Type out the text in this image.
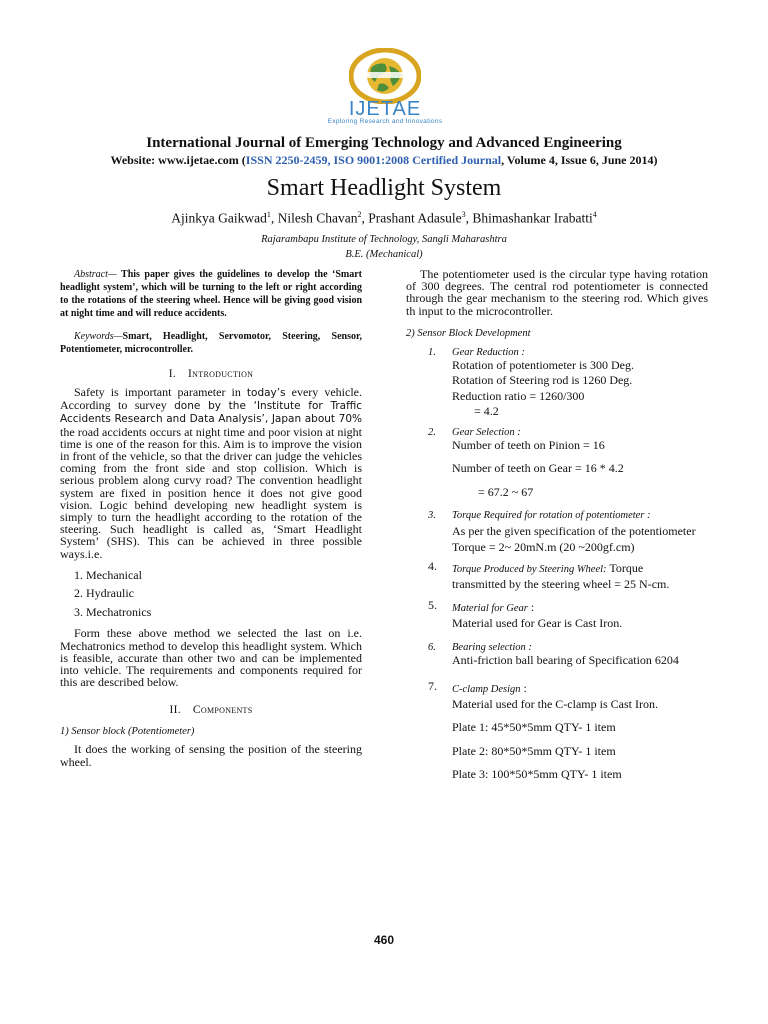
IJETAE
Exploring Research and Innovations
International Journal of Emerging Technology and Advanced Engineering
Website: www.ijetae.com (ISSN 2250-2459, ISO 9001:2008 Certified Journal, Volume 4, Issue 6, June 2014)
Smart Headlight System
Ajinkya Gaikwad$^1$, Nilesh Chavan$^2$, Prashant Adasule$^3$, Bhimashankar Irabatti$^4$
Rajarambapu Institute of Technology, Sangli Maharashtra
B.E. (Mechanical)

Abstract— This paper gives the guidelines to develop the ‘Smart headlight system’, which will be turning to the left or right according to the rotations of the steering wheel. Hence will be giving good vision at night time and will reduce accidents.

Keywords—Smart, Headlight, Servomotor, Steering, Sensor, Potentiometer, microcontroller.

I. Introduction

Safety is important parameter in today’s every vehicle. According to survey done by the ‘Institute for Traffic Accidents Research and Data Analysis’, Japan about 70% the road accidents occurs at night time and poor vision at night time is one of the reason for this. Aim is to improve the vision in front of the vehicle, so that the driver can judge the vehicles coming from the front side and stop collision. Which is serious problem along curvy road? The convention headlight system are fixed in position hence it does not give good vision. Logic behind developing new headlight system is simply to turn the headlight according to the rotation of the steering. Such headlight is called as, ‘Smart Headlight System’ (SHS). This can be achieved in three possible ways.i.e.

1. Mechanical
2. Hydraulic
3. Mechatronics

Form these above method we selected the last on i.e. Mechatronics method to develop this headlight system. Which is feasible, accurate than other two and can be implemented into vehicle. The requirements and components required for this are described below.

II. Components
1) Sensor block (Potentiometer)

It does the working of sensing the position of the steering wheel.

The potentiometer used is the circular type having rotation of 300 degrees. The central rod potentiometer is connected through the gear mechanism to the steering rod. Which gives th input to the microcontroller.

2) Sensor Block Development
1. Gear Reduction :
Rotation of potentiometer is 300 Deg.
Rotation of Steering rod is 1260 Deg.
Reduction ratio = 1260/300
= 4.2
2. Gear Selection :
Number of teeth on Pinion = 16
Number of teeth on Gear = 16 * 4.2
= 67.2 ~ 67
3. Torque Required for rotation of potentiometer :
As per the given specification of the potentiometer
Torque = 2~ 20mN.m (20 ~200gf.cm)
4. Torque Produced by Steering Wheel: Torque
transmitted by the steering wheel = 25 N-cm.
5. Material for Gear :
Material used for Gear is Cast Iron.
6. Bearing selection :
Anti-friction ball bearing of Specification 6204
7. C-clamp Design :
Material used for the C-clamp is Cast Iron.
Plate 1: 45*50*5mm QTY- 1 item
Plate 2: 80*50*5mm QTY- 1 item
Plate 3: 100*50*5mm QTY- 1 item
460
